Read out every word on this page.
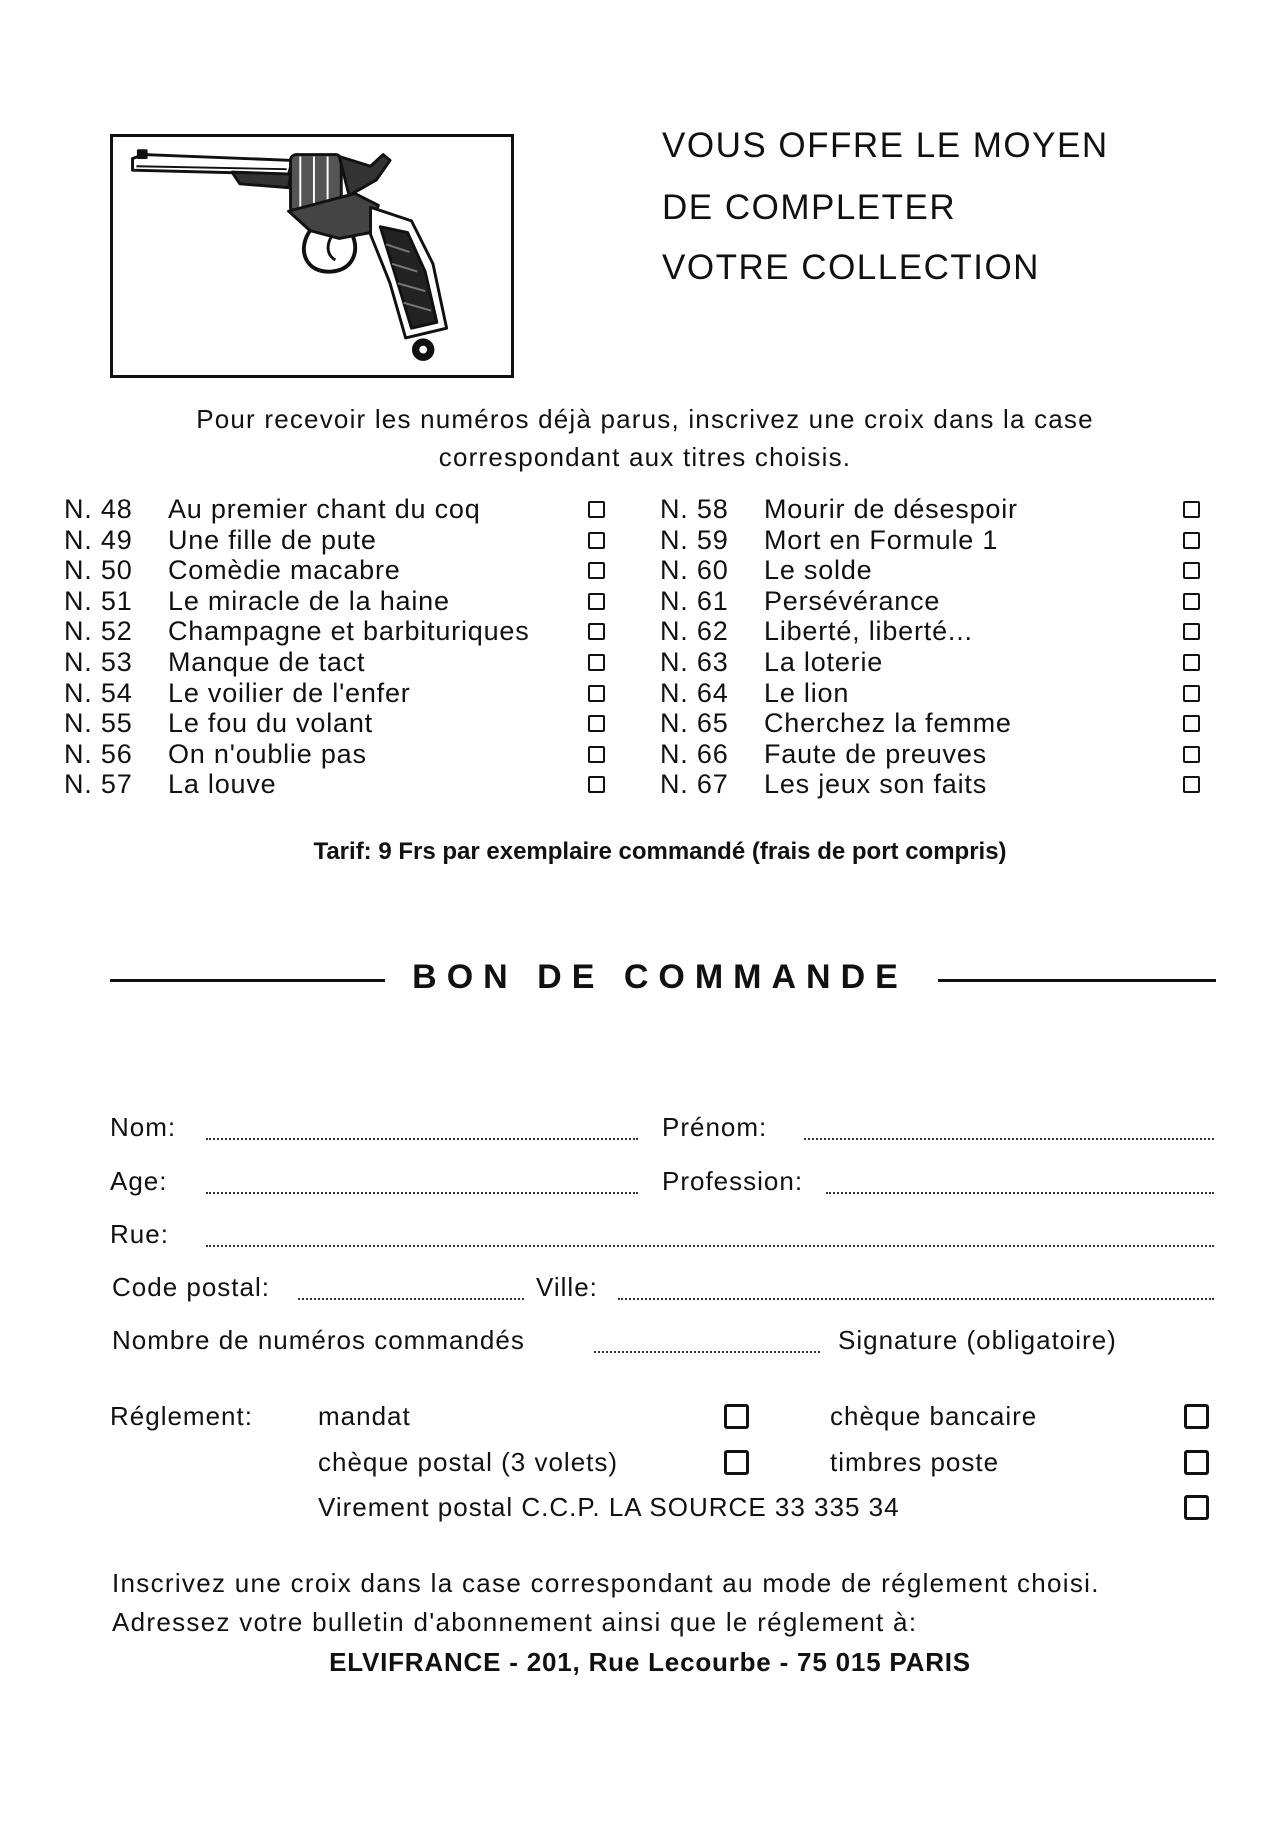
VOUS OFFRE LE MOYEN
DE COMPLETER
VOTRE COLLECTION
Pour recevoir les numéros déjà parus, inscrivez une croix dans la case
correspondant aux titres choisis.
N. 48 Au premier chant du coq
N. 49 Une fille de pute
N. 50 Comèdie macabre
N. 51 Le miracle de la haine
N. 52 Champagne et barbituriques
N. 53 Manque de tact
N. 54 Le voilier de l'enfer
N. 55 Le fou du volant
N. 56 On n'oublie pas
N. 57 La louve
N. 58 Mourir de désespoir
N. 59 Mort en Formule 1
N. 60 Le solde
N. 61 Persévérance
N. 62 Liberté, liberté...
N. 63 La loterie
N. 64 Le lion
N. 65 Cherchez la femme
N. 66 Faute de preuves
N. 67 Les jeux son faits
Tarif: 9 Frs par exemplaire commandé (frais de port compris)
BON DE COMMANDE
Nom:	Prénom:
Age:	Profession:
Rue:
Code postal:	Ville:
Nombre de numéros commandés	Signature (obligatoire)
Réglement:	mandat	chèque bancaire
chèque postal (3 volets)	timbres poste
Virement postal C.C.P. LA SOURCE 33 335 34
Inscrivez une croix dans la case correspondant au mode de réglement choisi.
Adressez votre bulletin d'abonnement ainsi que le réglement à:
ELVIFRANCE - 201, Rue Lecourbe - 75 015 PARIS
